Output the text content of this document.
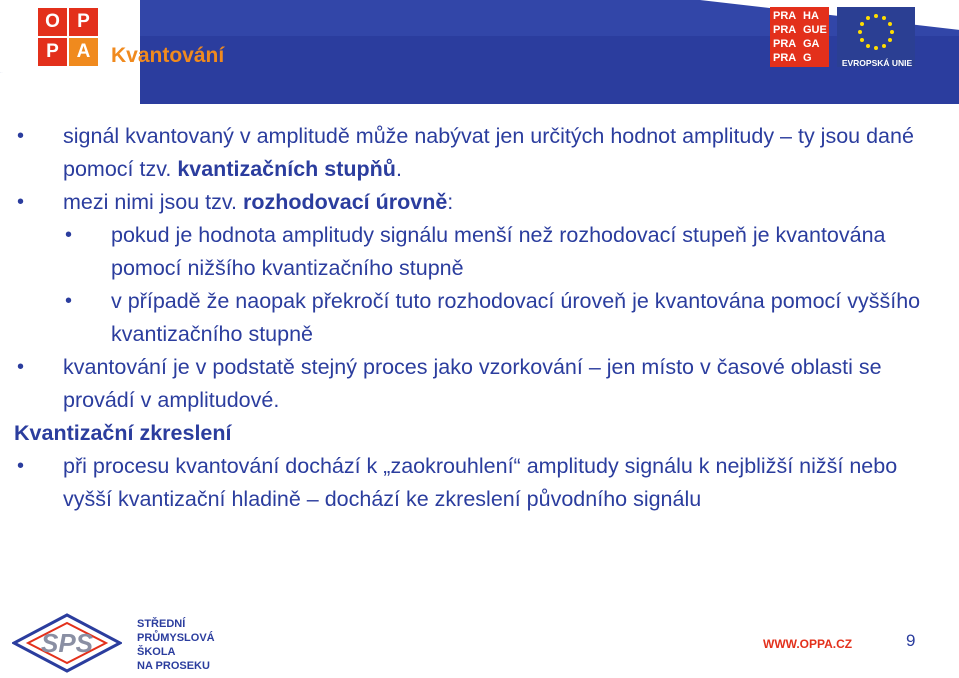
O P
P A Kvantování
PRA HA
PRA GUE
PRA GA
PRA G	EVROPSKÁ UNIE
• signál kvantovaný v amplitudě může nabývat jen určitých hodnot amplitudy – ty jsou dané pomocí tzv. kvantizačních stupňů.
• mezi nimi jsou tzv. rozhodovací úrovně:
• pokud je hodnota amplitudy signálu menší než rozhodovací stupeň je kvantována pomocí nižšího kvantizačního stupně
• v případě že naopak překročí tuto rozhodovací úroveň je kvantována pomocí vyššího kvantizačního stupně
• kvantování je v podstatě stejný proces jako vzorkování – jen místo v časové oblasti se provádí v amplitudové.
Kvantizační zkreslení
• při procesu kvantování dochází k „zaokrouhlení“ amplitudy signálu k nejbližší nižší nebo vyšší kvantizační hladině – dochází ke zkreslení původního signálu
SPS
STŘEDNÍ
PRŮMYSLOVÁ
ŠKOLA
NA PROSEKU
WWW.OPPA.CZ	9
